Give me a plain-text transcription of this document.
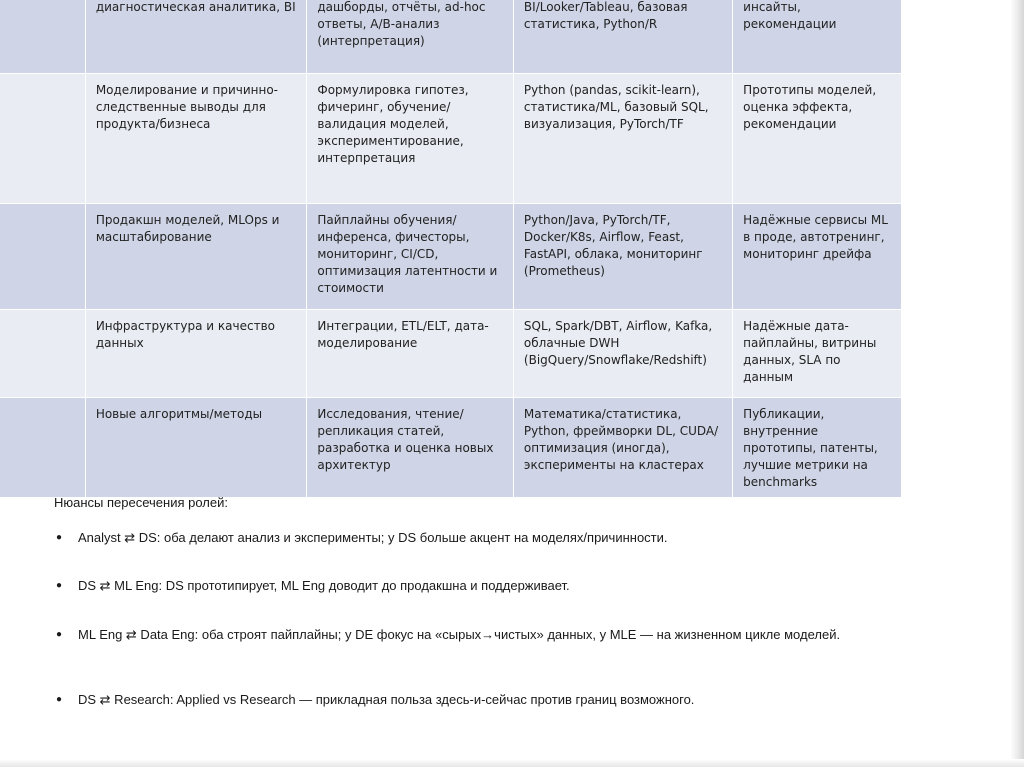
	диагностическая аналитика, BI	дашборды, отчёты, ad-hoc ответы, A/B-анализ (интерпретация)	BI/Looker/Tableau, базовая статистика, Python/R	инсайты, рекомендации
	Моделирование и причинно-следственные выводы для продукта/бизнеса	Формулировка гипотез, фичеринг, обучение/валидация моделей, экспериментирование, интерпретация	Python (pandas, scikit-learn), статистика/ML, базовый SQL, визуализация, PyTorch/TF	Прототипы моделей, оценка эффекта, рекомендации
	Продакшн моделей, MLOps и масштабирование	Пайплайны обучения/инференса, фичесторы, мониторинг, CI/CD, оптимизация латентности и стоимости	Python/Java, PyTorch/TF, Docker/K8s, Airflow, Feast, FastAPI, облака, мониторинг (Prometheus)	Надёжные сервисы ML в проде, автотренинг, мониторинг дрейфа
	Инфраструктура и качество данных	Интеграции, ETL/ELT, дата-моделирование	SQL, Spark/DBT, Airflow, Kafka, облачные DWH (BigQuery/Snowflake/Redshift)	Надёжные дата-пайплайны, витрины данных, SLA по данным
	Новые алгоритмы/методы	Исследования, чтение/репликация статей, разработка и оценка новых архитектур	Математика/статистика, Python, фреймворки DL, CUDA/оптимизация (иногда), эксперименты на кластерах	Публикации, внутренние прототипы, патенты, лучшие метрики на benchmarks

Нюансы пересечения ролей:

● Analyst ⇄ DS: оба делают анализ и эксперименты; у DS больше акцент на моделях/причинности.
● DS ⇄ ML Eng: DS прототипирует, ML Eng доводит до продакшна и поддерживает.
● ML Eng ⇄ Data Eng: оба строят пайплайны; у DE фокус на «сырых→чистых» данных, у MLE — на жизненном цикле моделей.
● DS ⇄ Research: Applied vs Research — прикладная польза здесь-и-сейчас против границ возможного.
